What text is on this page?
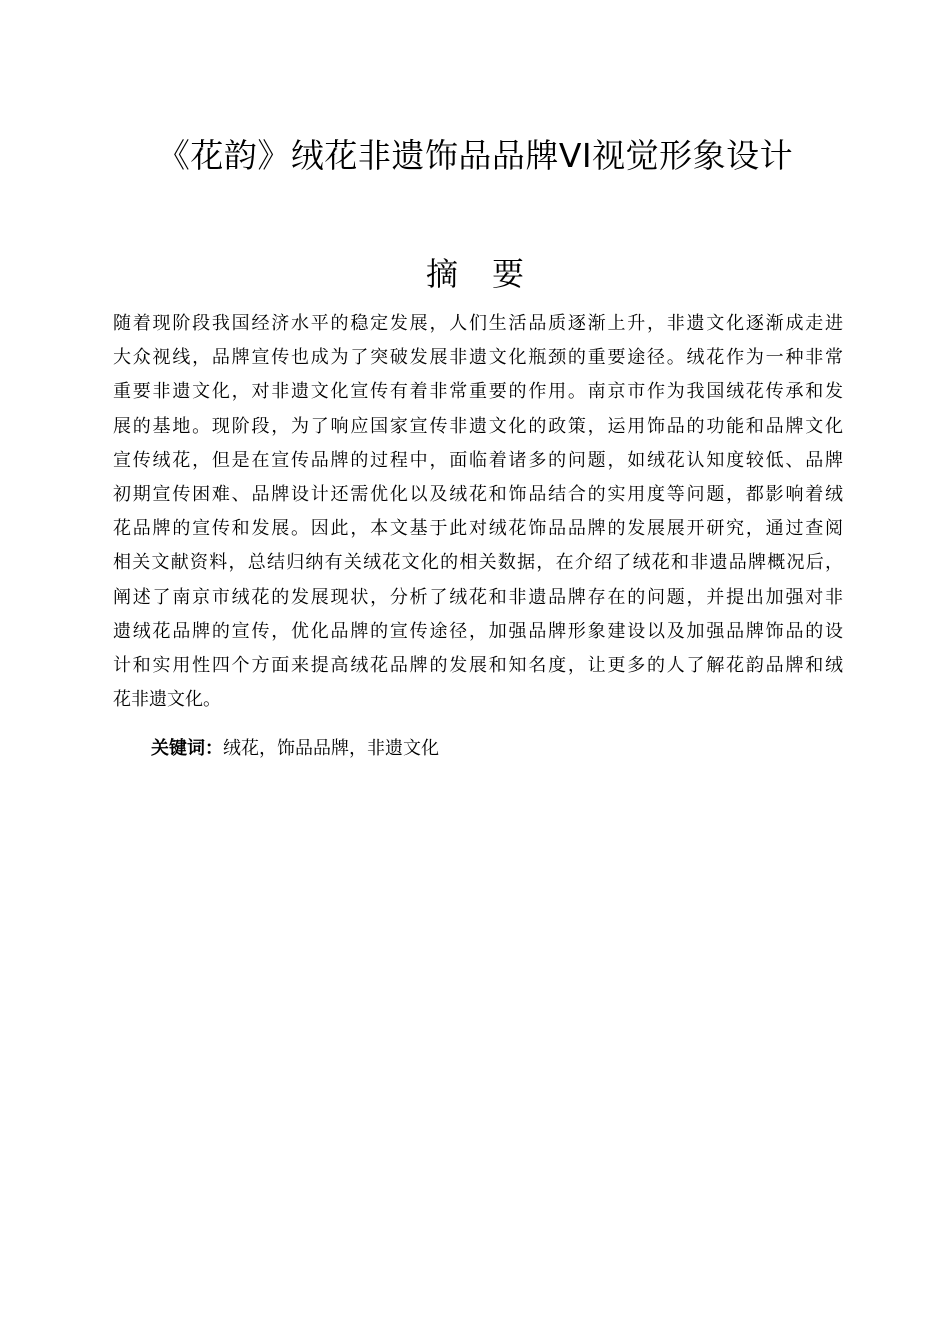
《花韵》绒花非遗饰品品牌VI视觉形象设计
摘要
随着现阶段我国经济水平的稳定发展，人们生活品质逐渐上升，非遗文化逐渐成走进
大众视线，品牌宣传也成为了突破发展非遗文化瓶颈的重要途径。绒花作为一种非常
重要非遗文化，对非遗文化宣传有着非常重要的作用。南京市作为我国绒花传承和发
展的基地。现阶段，为了响应国家宣传非遗文化的政策，运用饰品的功能和品牌文化
宣传绒花，但是在宣传品牌的过程中，面临着诸多的问题，如绒花认知度较低、品牌
初期宣传困难、品牌设计还需优化以及绒花和饰品结合的实用度等问题，都影响着绒
花品牌的宣传和发展。因此，本文基于此对绒花饰品品牌的发展展开研究，通过查阅
相关文献资料，总结归纳有关绒花文化的相关数据，在介绍了绒花和非遗品牌概况后，
阐述了南京市绒花的发展现状，分析了绒花和非遗品牌存在的问题，并提出加强对非
遗绒花品牌的宣传，优化品牌的宣传途径，加强品牌形象建设以及加强品牌饰品的设
计和实用性四个方面来提高绒花品牌的发展和知名度，让更多的人了解花韵品牌和绒
花非遗文化。
关键词：绒花，饰品品牌，非遗文化
